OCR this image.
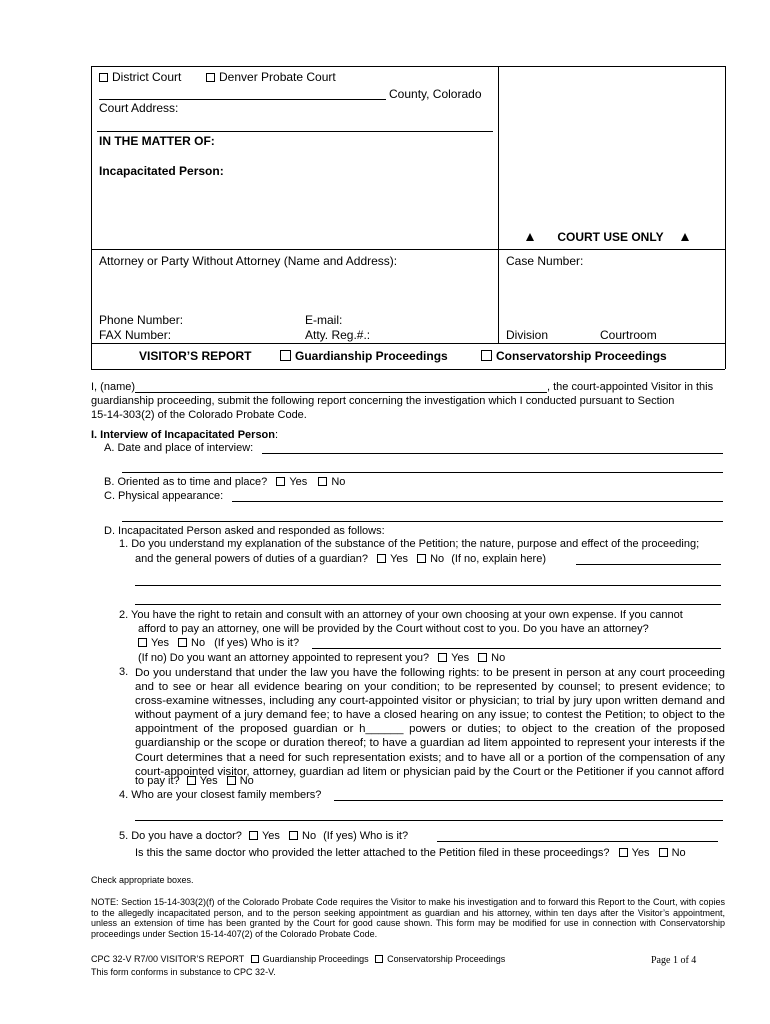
District Court	Denver Probate Court
County, Colorado
Court Address:
IN THE MATTER OF:
Incapacitated Person:
COURT USE ONLY
Attorney or Party Without Attorney (Name and Address):	Case Number:
Phone Number:	E-mail:
FAX Number:	Atty. Reg.#.:	Division	Courtroom
VISITOR’S REPORT	Guardianship Proceedings	Conservatorship Proceedings
I, (name)	, the court-appointed Visitor in this
guardianship proceeding, submit the following report concerning the investigation which I conducted pursuant to Section
15-14-303(2) of the Colorado Probate Code.
I. Interview of Incapacitated Person:
A. Date and place of interview:
B. Oriented as to time and place? Yes No
C. Physical appearance:
D. Incapacitated Person asked and responded as follows:
1. Do you understand my explanation of the substance of the Petition; the nature, purpose and effect of the proceeding;
and the general powers of duties of a guardian? Yes No (If no, explain here)
2. You have the right to retain and consult with an attorney of your own choosing at your own expense. If you cannot
afford to pay an attorney, one will be provided by the Court without cost to you. Do you have an attorney?
Yes No (If yes) Who is it?
(If no) Do you want an attorney appointed to represent you? Yes No
3. Do you understand that under the law you have the following rights: to be present in person at any court proceeding and to see or hear all evidence bearing on your condition; to be represented by counsel; to present evidence; to cross-examine witnesses, including any court-appointed visitor or physician; to trial by jury upon written demand and without payment of a jury demand fee; to have a closed hearing on any issue; to contest the Petition; to object to the appointment of the proposed guardian or h______ powers or duties; to object to the creation of the proposed guardianship or the scope or duration thereof; to have a guardian ad litem appointed to represent your interests if the Court determines that a need for such representation exists; and to have all or a portion of the compensation of any court-appointed visitor, attorney, guardian ad litem or physician paid by the Court or the Petitioner if you cannot afford
to pay it? Yes No
4. Who are your closest family members?
5. Do you have a doctor? Yes No (If yes) Who is it?
Is this the same doctor who provided the letter attached to the Petition filed in these proceedings? Yes No
Check appropriate boxes.
NOTE: Section 15-14-303(2)(f) of the Colorado Probate Code requires the Visitor to make his investigation and to forward this Report to the Court, with copies to the allegedly incapacitated person, and to the person seeking appointment as guardian and his attorney, within ten days after the Visitor’s appointment, unless an extension of time has been granted by the Court for good cause shown. This form may be modified for use in connection with Conservatorship proceedings under Section 15-14-407(2) of the Colorado Probate Code.
CPC 32-V R7/00 VISITOR’S REPORT Guardianship Proceedings Conservatorship Proceedings	Page 1 of 4
This form conforms in substance to CPC 32-V.
